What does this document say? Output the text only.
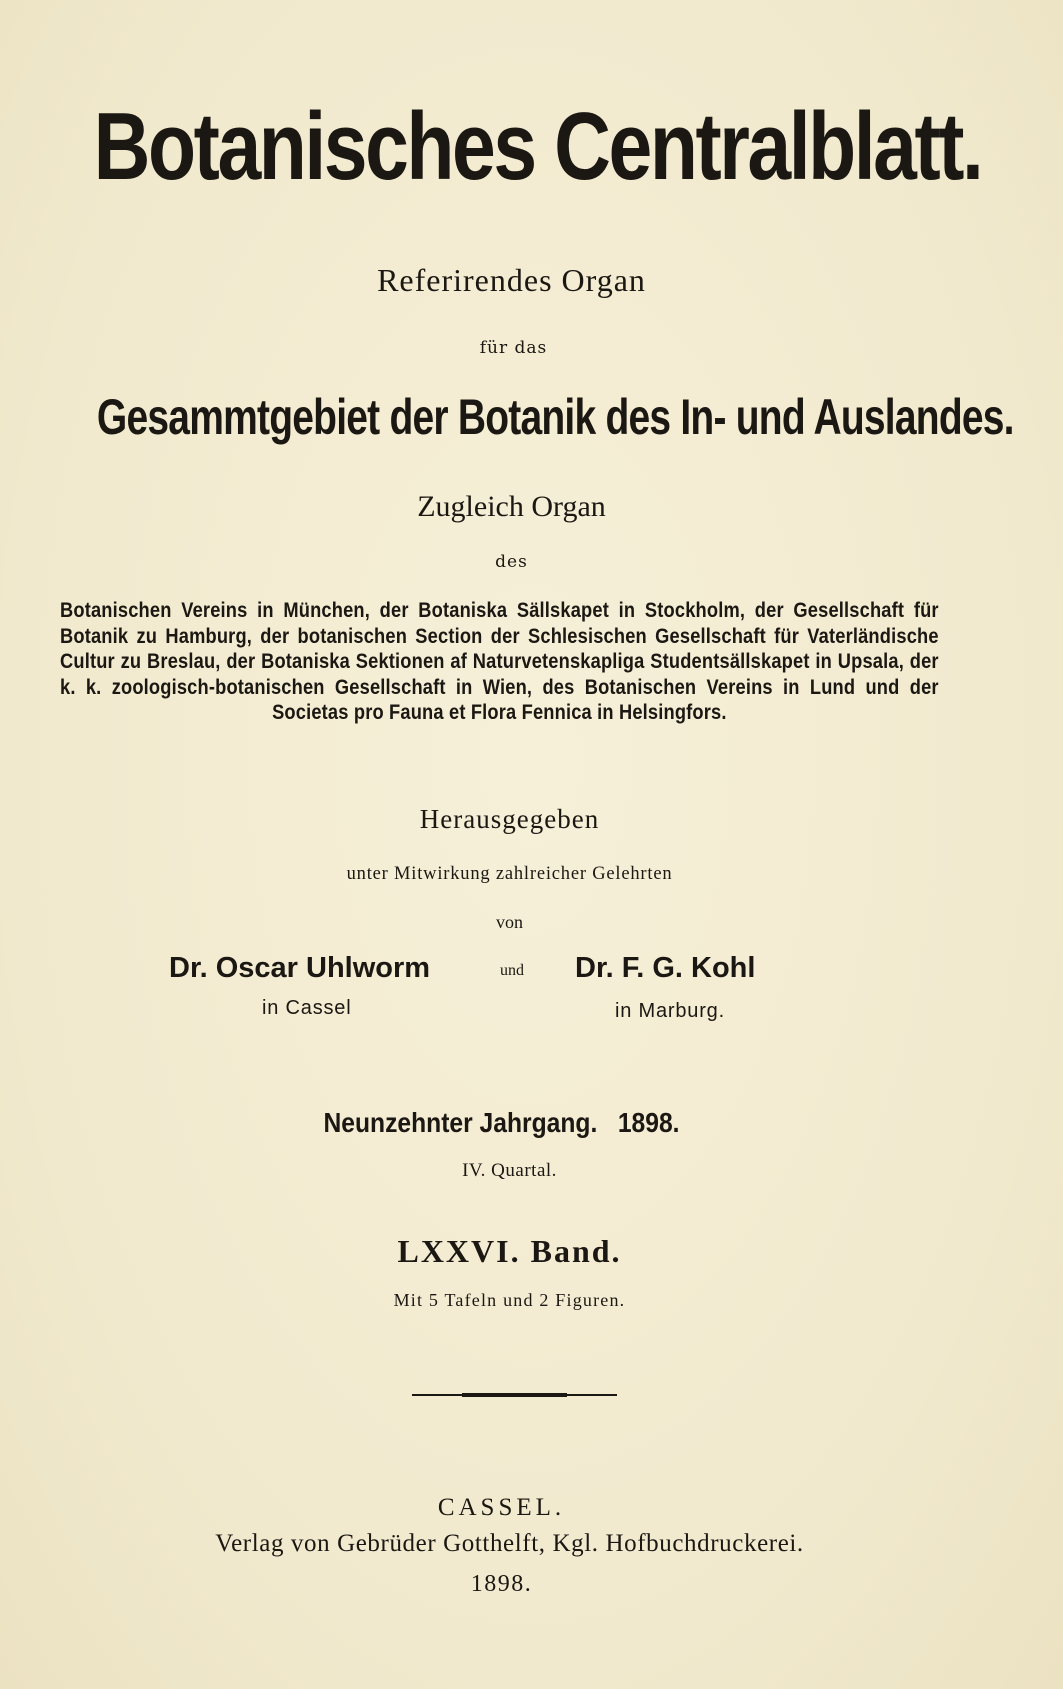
Botanisches Centralblatt.
Referirendes Organ
für das
Gesammtgebiet der Botanik des In- und Auslandes.
Zugleich Organ
des
Botanischen Vereins in München, der Botaniska Sällskapet in Stockholm, der Gesellschaft für Botanik zu Hamburg, der botanischen Section der Schlesischen Gesellschaft für Vaterländische Cultur zu Breslau, der Botaniska Sektionen af Naturvetenskapliga Studentsällskapet in Upsala, der k. k. zoologisch-botanischen Gesellschaft in Wien, des Botanischen Vereins in Lund und der Societas pro Fauna et Flora Fennica in Helsingfors.
Herausgegeben
unter Mitwirkung zahlreicher Gelehrten
von
Dr. Oscar Uhlworm	und Dr. F. G. Kohl
in Cassel	in Marburg.
Neunzehnter Jahrgang.   1898.
IV. Quartal.
LXXVI. Band.
Mit 5 Tafeln und 2 Figuren.
CASSEL.
Verlag von Gebrüder Gotthelft, Kgl. Hofbuchdruckerei.
1898.
